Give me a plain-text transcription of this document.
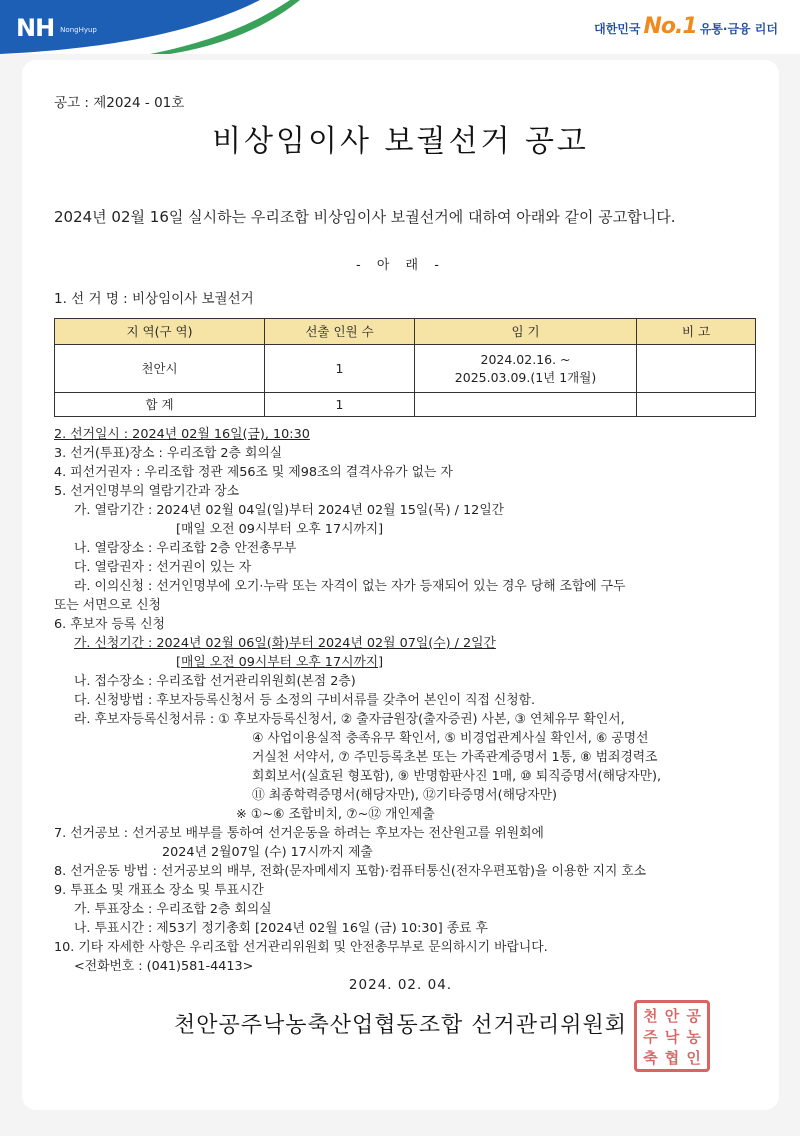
NH NongHyup	대한민국 No.1 유통·금융 리더
공고 : 제2024 - 01호
비상임이사 보궐선거 공고
2024년 02월 16일 실시하는 우리조합 비상임이사 보궐선거에 대하여 아래와 같이 공고합니다.
- 아 래 -
1. 선 거 명 : 비상임이사 보궐선거
지 역(구 역)	선출 인원 수	임 기	비 고
천안시	1	2024.02.16. ~
2025.03.09.(1년 1개월)	

합 계	1		
2. 선거일시 : 2024년 02월 16일(금), 10:30
3. 선거(투표)장소 : 우리조합 2층 회의실
4. 피선거권자 : 우리조합 정관 제56조 및 제98조의 결격사유가 없는 자
5. 선거인명부의 열람기간과 장소
가. 열람기간 : 2024년 02월 04일(일)부터 2024년 02월 15일(목) / 12일간
[매일 오전 09시부터 오후 17시까지]
나. 열람장소 : 우리조합 2층 안전총무부
다. 열람권자 : 선거권이 있는 자
라. 이의신청 : 선거인명부에 오기·누락 또는 자격이 없는 자가 등재되어 있는 경우 당해 조합에 구두
또는 서면으로 신청
6. 후보자 등록 신청
가. 신청기간 : 2024년 02월 06일(화)부터 2024년 02월 07일(수) / 2일간
[매일 오전 09시부터 오후 17시까지]
나. 접수장소 : 우리조합 선거관리위원회(본점 2층)
다. 신청방법 : 후보자등록신청서 등 소정의 구비서류를 갖추어 본인이 직접 신청함.
라. 후보자등록신청서류 : ① 후보자등록신청서, ② 출자금원장(출자증권) 사본, ③ 연체유무 확인서,
④ 사업이용실적 충족유무 확인서, ⑤ 비경업관계사실 확인서, ⑥ 공명선
거실천 서약서, ⑦ 주민등록초본 또는 가족관계증명서 1통, ⑧ 범죄경력조
회회보서(실효된 형포함), ⑨ 반명함판사진 1매, ⑩ 퇴직증명서(해당자만),
⑪ 최종학력증명서(해당자만), ⑫기타증명서(해당자만)
※ ①~⑥ 조합비치, ⑦~⑫ 개인제출
7. 선거공보 : 선거공보 배부를 통하여 선거운동을 하려는 후보자는 전산원고를 위원회에
2024년 2월07일 (수) 17시까지 제출
8. 선거운동 방법 : 선거공보의 배부, 전화(문자메세지 포함)·컴퓨터통신(전자우편포함)을 이용한 지지 호소
9. 투표소 및 개표소 장소 및 투표시간
가. 투표장소 : 우리조합 2층 회의실
나. 투표시간 : 제53기 정기총회 [2024년 02월 16일 (금) 10:30] 종료 후
10. 기타 자세한 사항은 우리조합 선거관리위원회 및 안전총무부로 문의하시기 바랍니다.
<전화번호 : (041)581-4413>
2024. 02. 04.
천안공주낙농축산업협동조합 선거관리위원회	천 안 공
주 낙 농
축 협 인
